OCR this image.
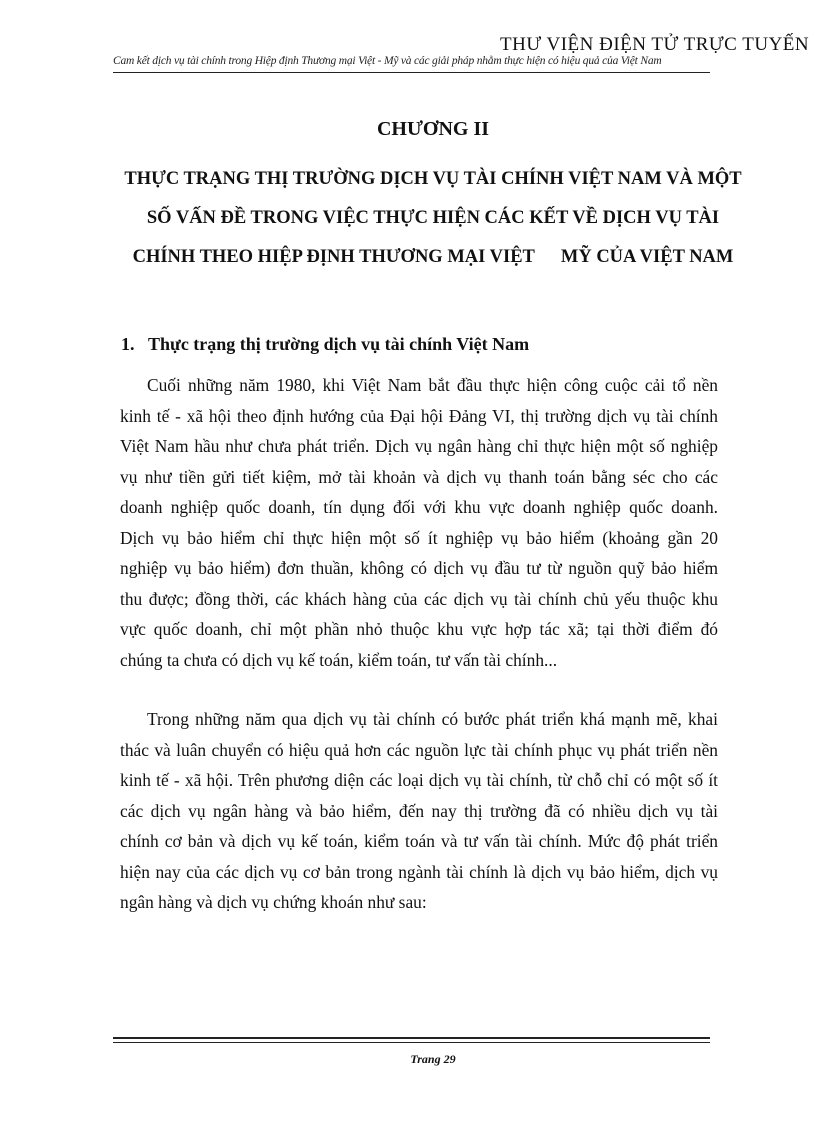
Cam kết dịch vụ tài chính trong Hiệp định Thương mại Việt - Mỹ và các giải pháp nhằm thực hiện có hiệu quả của Việt Nam
THƯ VIỆN ĐIỆN TỬ TRỰC TUYẾN
CHƯƠNG II
THỰC TRẠNG THỊ TRƯỜNG DỊCH VỤ TÀI CHÍNH VIỆT NAM VÀ MỘT
SỐ VẤN ĐỀ TRONG VIỆC THỰC HIỆN CÁC KẾT VỀ DỊCH VỤ TÀI
CHÍNH THEO HIỆP ĐỊNH THƯƠNG MẠI VIỆT MỸ CỦA VIỆT NAM
1. Thực trạng thị trường dịch vụ tài chính Việt Nam
Cuối những năm 1980, khi Việt Nam bắt đầu thực hiện công cuộc cải tổ nền
kinh tế - xã hội theo định hướng của Đại hội Đảng VI, thị trường dịch vụ tài chính
Việt Nam hầu như chưa phát triển. Dịch vụ ngân hàng chỉ thực hiện một số nghiệp
vụ như tiền gửi tiết kiệm, mở tài khoản và dịch vụ thanh toán bằng séc cho các
doanh nghiệp quốc doanh, tín dụng đối với khu vực doanh nghiệp quốc doanh.
Dịch vụ bảo hiểm chỉ thực hiện một số ít nghiệp vụ bảo hiểm (khoảng gần 20
nghiệp vụ bảo hiểm) đơn thuần, không có dịch vụ đầu tư từ nguồn quỹ bảo hiểm
thu được; đồng thời, các khách hàng của các dịch vụ tài chính chủ yếu thuộc khu
vực quốc doanh, chỉ một phần nhỏ thuộc khu vực hợp tác xã; tại thời điểm đó
chúng ta chưa có dịch vụ kế toán, kiểm toán, tư vấn tài chính...
Trong những năm qua dịch vụ tài chính có bước phát triển khá mạnh mẽ, khai
thác và luân chuyển có hiệu quả hơn các nguồn lực tài chính phục vụ phát triển nền
kinh tế - xã hội. Trên phương diện các loại dịch vụ tài chính, từ chỗ chỉ có một số ít
các dịch vụ ngân hàng và bảo hiểm, đến nay thị trường đã có nhiều dịch vụ tài
chính cơ bản và dịch vụ kế toán, kiểm toán và tư vấn tài chính. Mức độ phát triển
hiện nay của các dịch vụ cơ bản trong ngành tài chính là dịch vụ bảo hiểm, dịch vụ
ngân hàng và dịch vụ chứng khoán như sau:
Trang 29
